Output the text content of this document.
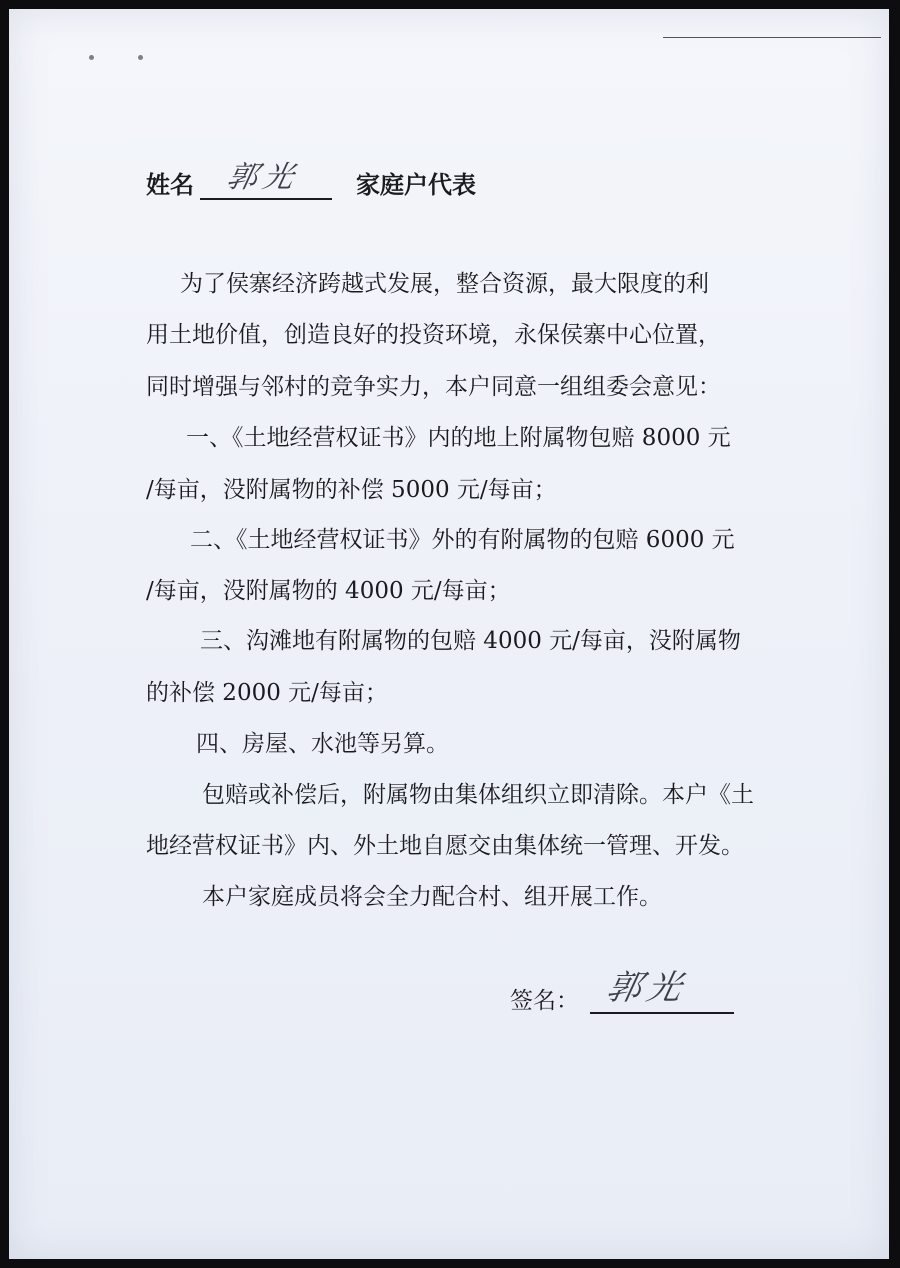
姓名 郭光 家庭户代表
为了侯寨经济跨越式发展，整合资源，最大限度的利
用土地价值，创造良好的投资环境，永保侯寨中心位置，
同时增强与邻村的竞争实力，本户同意一组组委会意见：
一、《土地经营权证书》内的地上附属物包赔 8000 元
/每亩，没附属物的补偿 5000 元/每亩；
二、《土地经营权证书》外的有附属物的包赔 6000 元
/每亩，没附属物的 4000 元/每亩；
三、沟滩地有附属物的包赔 4000 元/每亩，没附属物
的补偿 2000 元/每亩；
四、房屋、水池等另算。
包赔或补偿后，附属物由集体组织立即清除。本户《土
地经营权证书》内、外土地自愿交由集体统一管理、开发。
本户家庭成员将会全力配合村、组开展工作。
签名： 郭光
